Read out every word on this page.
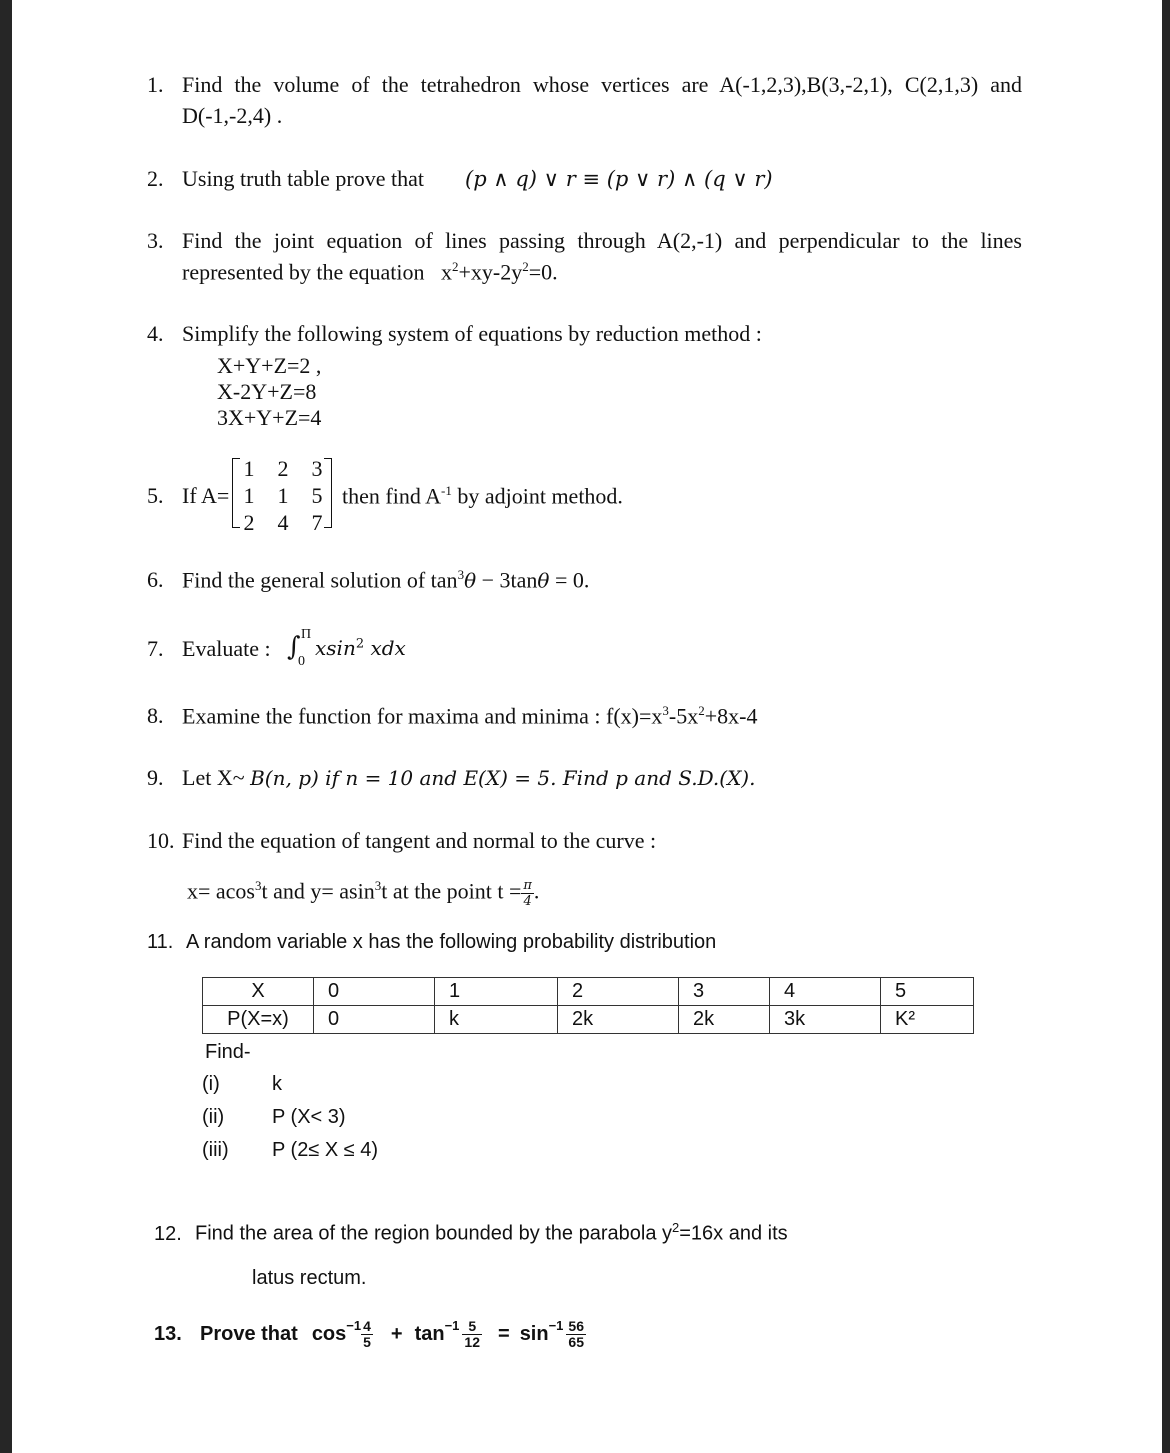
1. Find the volume of the tetrahedron whose vertices are A(-1,2,3),B(3,-2,1), C(2,1,3) and
D(-1,-2,4) .
2. Using truth table prove that (p ∧ q) ∨ r ≡ (p ∨ r) ∧ (q ∨ r)
3. Find the joint equation of lines passing through A(2,-1) and perpendicular to the lines
represented by the equation $x^2+xy-2y^2=0$.
4. Simplify the following system of equations by reduction method :
X+Y+Z=2 ,
X-2Y+Z=8
3X+Y+Z=4
5. If A=
1 2 3
1 1 5
2 4 7
then find $A^{-1}$ by adjoint method.
6. Find the general solution of $\tan^3\theta - 3\tan\theta = 0$.
7. Evaluate : ∫ Π
0
xsin$^2$ xdx
8. Examine the function for maxima and minima : $f(x)=x^3-5x^2+8x-4$
9. Let X~ B(n, p) if n = 10 and E(X) = 5. Find p and S.D.(X).
10. Find the equation of tangent and normal to the curve :
x= acos$^3$t and y= asin$^3$t at the point $t = \frac{\pi}{4}$ .
11. A random variable x has the following probability distribution
X	0	1	2	3	4	5
P(X=x)	0	k	2k	2k	3k	K²
Find-
(i)	k
(ii) P (X< 3)
(iii) P (2≤ X ≤ 4)
12. Find the area of the region bounded by the parabola $y^2=16x$ and its
latus rectum.
13. Prove that $\cos^{-1} \frac{4}{5} + \tan^{-1} \frac{5}{12} = \sin^{-1} \frac{56}{65}$
